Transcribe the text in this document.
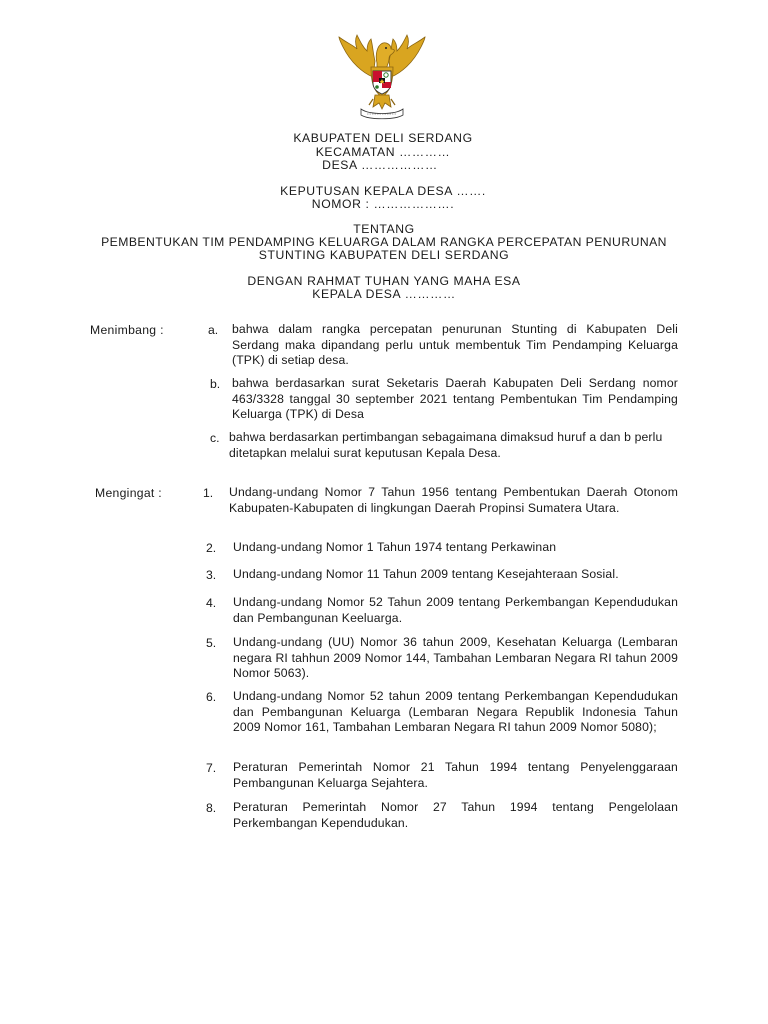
KABUPATEN DELI SERDANG
KECAMATAN …………
DESA ………………
KEPUTUSAN KEPALA DESA …….
NOMOR : ……………….
TENTANG
PEMBENTUKAN TIM PENDAMPING KELUARGA DALAM RANGKA PERCEPATAN PENURUNAN
STUNTING KABUPATEN DELI SERDANG
DENGAN RAHMAT TUHAN YANG MAHA ESA
KEPALA DESA …………
Menimbang :	a. bahwa dalam rangka percepatan penurunan Stunting di Kabupaten Deli Serdang maka dipandang perlu untuk membentuk Tim Pendamping Keluarga (TPK) di setiap desa.
b. bahwa berdasarkan surat Seketaris Daerah Kabupaten Deli Serdang nomor 463/3328 tanggal 30 september 2021 tentang Pembentukan Tim Pendamping Keluarga (TPK) di Desa
c. bahwa berdasarkan pertimbangan sebagaimana dimaksud huruf a dan b perlu ditetapkan melalui surat keputusan Kepala Desa.
Mengingat :	1. Undang-undang Nomor 7 Tahun 1956 tentang Pembentukan Daerah Otonom Kabupaten-Kabupaten di lingkungan Daerah Propinsi Sumatera Utara.
2. Undang-undang Nomor 1 Tahun 1974 tentang Perkawinan
3. Undang-undang Nomor 11 Tahun 2009 tentang Kesejahteraan Sosial.
4. Undang-undang Nomor 52 Tahun 2009 tentang Perkembangan Kependudukan dan Pembangunan Keeluarga.
5. Undang-undang (UU) Nomor 36 tahun 2009, Kesehatan Keluarga (Lembaran negara RI tahhun 2009 Nomor 144, Tambahan Lembaran Negara RI tahun 2009 Nomor 5063).
6. Undang-undang Nomor 52 tahun 2009 tentang Perkembangan Kependudukan dan Pembangunan Keluarga (Lembaran Negara Republik Indonesia Tahun 2009 Nomor 161, Tambahan Lembaran Negara RI tahun 2009 Nomor 5080);
7. Peraturan Pemerintah Nomor 21 Tahun 1994 tentang Penyelenggaraan Pembangunan Keluarga Sejahtera.
8. Peraturan Pemerintah Nomor 27 Tahun 1994 tentang Pengelolaan Perkembangan Kependudukan.
